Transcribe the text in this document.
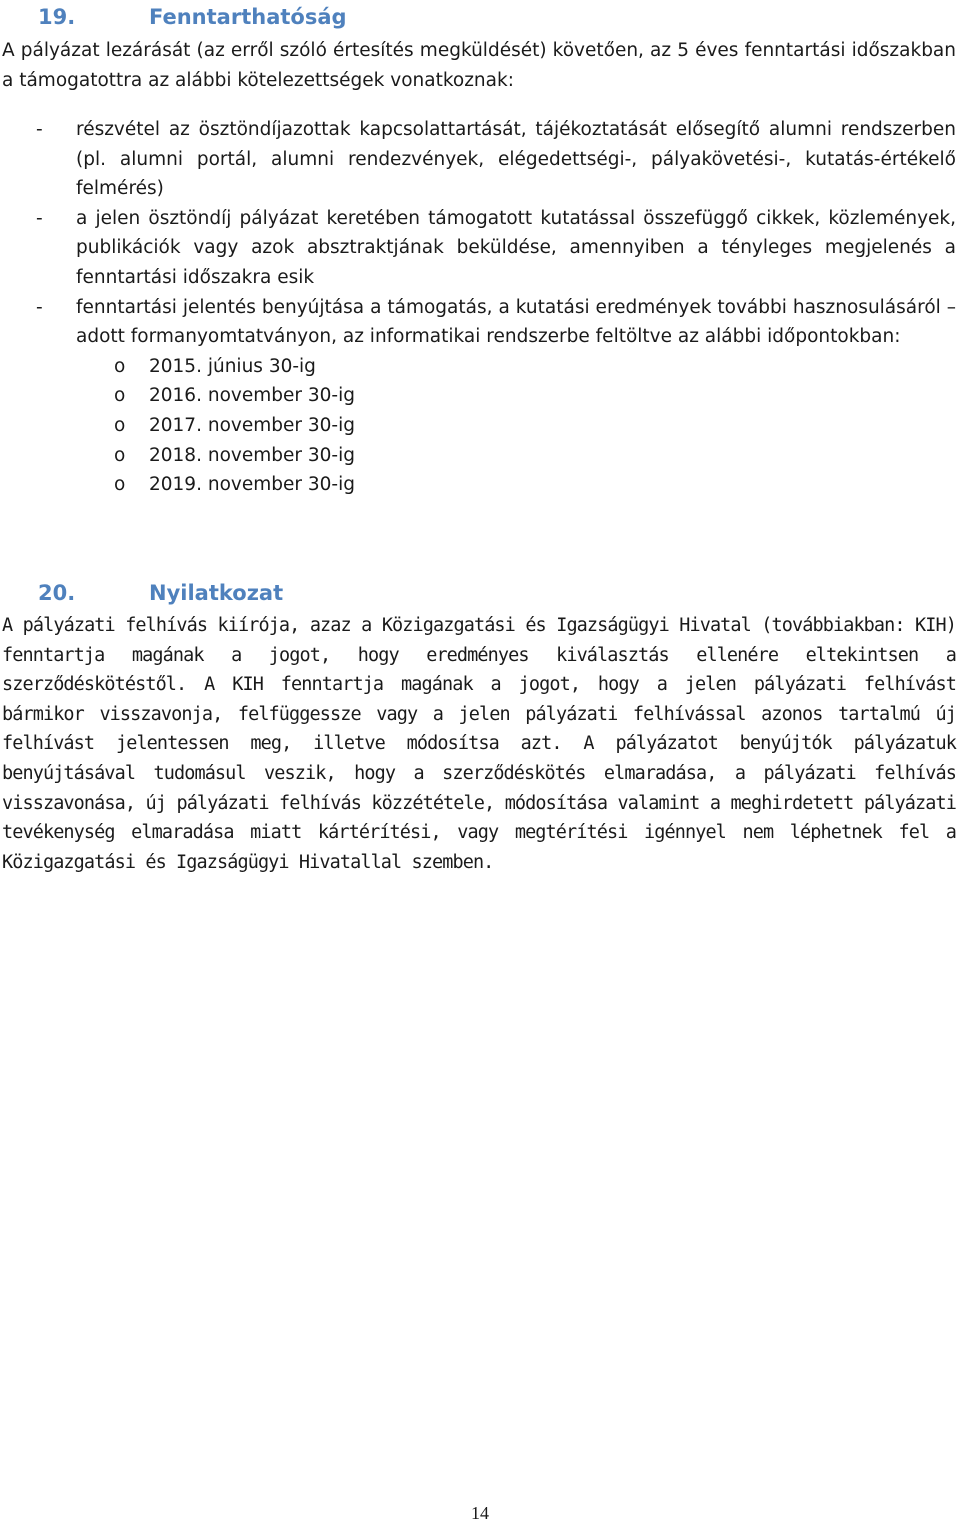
19.	Fenntarthatóság

A pályázat lezárását (az erről szóló értesítés megküldését) követően, az 5 éves fenntartási időszakban a támogatottra az alábbi kötelezettségek vonatkoznak:

- részvétel az ösztöndíjazottak kapcsolattartását, tájékoztatását elősegítő alumni rendszerben (pl. alumni portál, alumni rendezvények, elégedettségi-, pályakövetési-, kutatás-értékelő felmérés)
- a jelen ösztöndíj pályázat keretében támogatott kutatással összefüggő cikkek, közlemények, publikációk vagy azok absztraktjának beküldése, amennyiben a tényleges megjelenés a fenntartási időszakra esik
- fenntartási jelentés benyújtása a támogatás, a kutatási eredmények további hasznosulásáról – adott formanyomtatványon, az informatikai rendszerbe feltöltve az alábbi időpontokban:
o 2015. június 30-ig
o 2016. november 30-ig
o 2017. november 30-ig
o 2018. november 30-ig
o 2019. november 30-ig
20.	Nyilatkozat

A pályázati felhívás kiírója, azaz a Közigazgatási és Igazságügyi Hivatal (továbbiakban: KIH) fenntartja magának a jogot, hogy eredményes kiválasztás ellenére eltekintsen a szerződéskötéstől. A KIH fenntartja magának a jogot, hogy a jelen pályázati felhívást bármikor visszavonja, felfüggessze vagy a jelen pályázati felhívással azonos tartalmú új felhívást jelentessen meg, illetve módosítsa azt. A pályázatot benyújtók pályázatuk benyújtásával tudomásul veszik, hogy a szerződéskötés elmaradása, a pályázati felhívás visszavonása, új pályázati felhívás közzététele, módosítása valamint a meghirdetett pályázati tevékenység elmaradása miatt kártérítési, vagy megtérítési igénnyel nem léphetnek fel a Közigazgatási és Igazságügyi Hivatallal szemben.

14
